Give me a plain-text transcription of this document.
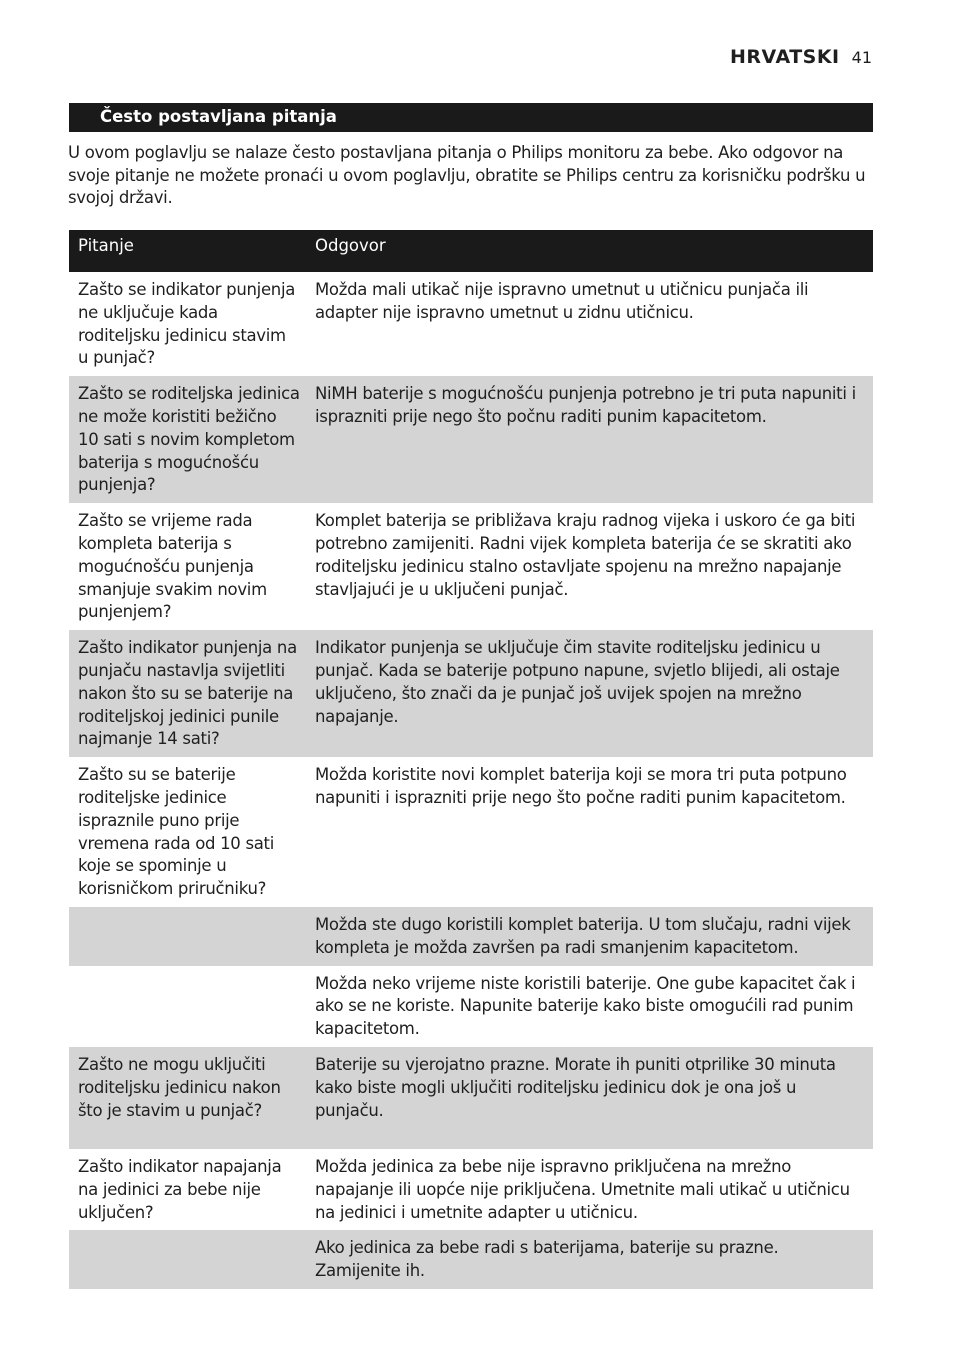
HRVATSKI 41
Često postavljana pitanja

U ovom poglavlju se nalaze često postavljana pitanja o Philips monitoru za bebe. Ako odgovor na svoje pitanje ne možete pronaći u ovom poglavlju, obratite se Philips centru za korisničku podršku u svojoj državi.

Pitanje	Odgovor
Zašto se indikator punjenja ne uključuje kada roditeljsku jedinicu stavim u punjač?	Možda mali utikač nije ispravno umetnut u utičnicu punjača ili adapter nije ispravno umetnut u zidnu utičnicu.
Zašto se roditeljska jedinica ne može koristiti bežično 10 sati s novim kompletom baterija s mogućnošću punjenja?	NiMH baterije s mogućnošću punjenja potrebno je tri puta napuniti i isprazniti prije nego što počnu raditi punim kapacitetom.
Zašto se vrijeme rada kompleta baterija s mogućnošću punjenja smanjuje svakim novim punjenjem?	Komplet baterija se približava kraju radnog vijeka i uskoro će ga biti potrebno zamijeniti. Radni vijek kompleta baterija će se skratiti ako roditeljsku jedinicu stalno ostavljate spojenu na mrežno napajanje stavljajući je u uključeni punjač.
Zašto indikator punjenja na punjaču nastavlja svijetliti nakon što su se baterije na roditeljskoj jedinici punile najmanje 14 sati?	Indikator punjenja se uključuje čim stavite roditeljsku jedinicu u punjač. Kada se baterije potpuno napune, svjetlo blijedi, ali ostaje uključeno, što znači da je punjač još uvijek spojen na mrežno napajanje.
Zašto su se baterije roditeljske jedinice ispraznile puno prije vremena rada od 10 sati koje se spominje u korisničkom priručniku?	Možda koristite novi komplet baterija koji se mora tri puta potpuno napuniti i isprazniti prije nego što počne raditi punim kapacitetom.
	Možda ste dugo koristili komplet baterija. U tom slučaju, radni vijek kompleta je možda završen pa radi smanjenim kapacitetom.
	Možda neko vrijeme niste koristili baterije. One gube kapacitet čak i ako se ne koriste. Napunite baterije kako biste omogućili rad punim kapacitetom.
Zašto ne mogu uključiti roditeljsku jedinicu nakon što je stavim u punjač?	Baterije su vjerojatno prazne. Morate ih puniti otprilike 30 minuta kako biste mogli uključiti roditeljsku jedinicu dok je ona još u punjaču.
Zašto indikator napajanja na jedinici za bebe nije uključen?	Možda jedinica za bebe nije ispravno priključena na mrežno napajanje ili uopće nije priključena. Umetnite mali utikač u utičnicu na jedinici i umetnite adapter u utičnicu.
	Ako jedinica za bebe radi s baterijama, baterije su prazne. Zamijenite ih.
